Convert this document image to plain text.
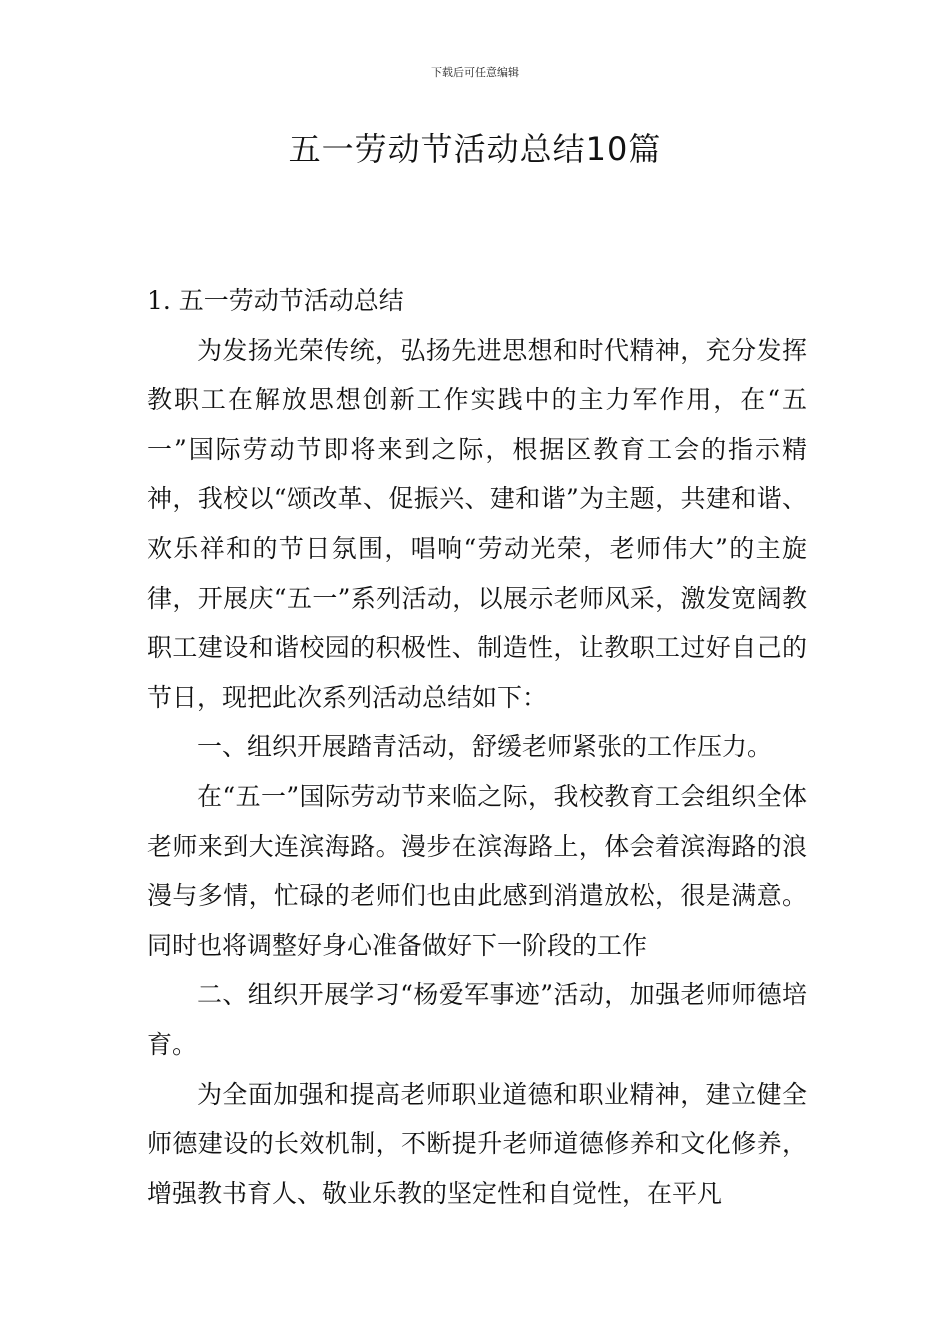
下载后可任意编辑
五一劳动节活动总结10篇

1. 五一劳动节活动总结

为发扬光荣传统，弘扬先进思想和时代精神，充分发挥教职工在解放思想创新工作实践中的主力军作用，在“五一”国际劳动节即将来到之际，根据区教育工会的指示精神，我校以“颂改革、促振兴、建和谐”为主题，共建和谐、欢乐祥和的节日氛围，唱响“劳动光荣，老师伟大”的主旋律，开展庆“五一”系列活动，以展示老师风采，激发宽阔教职工建设和谐校园的积极性、制造性，让教职工过好自己的节日，现把此次系列活动总结如下：

一、组织开展踏青活动，舒缓老师紧张的工作压力。

在“五一”国际劳动节来临之际，我校教育工会组织全体老师来到大连滨海路。漫步在滨海路上，体会着滨海路的浪漫与多情，忙碌的老师们也由此感到消遣放松，很是满意。同时也将调整好身心准备做好下一阶段的工作

二、组织开展学习“杨爱军事迹”活动，加强老师师德培育。

为全面加强和提高老师职业道德和职业精神，建立健全师德建设的长效机制，不断提升老师道德修养和文化修养，增强教书育人、敬业乐教的坚定性和自觉性，在平凡
